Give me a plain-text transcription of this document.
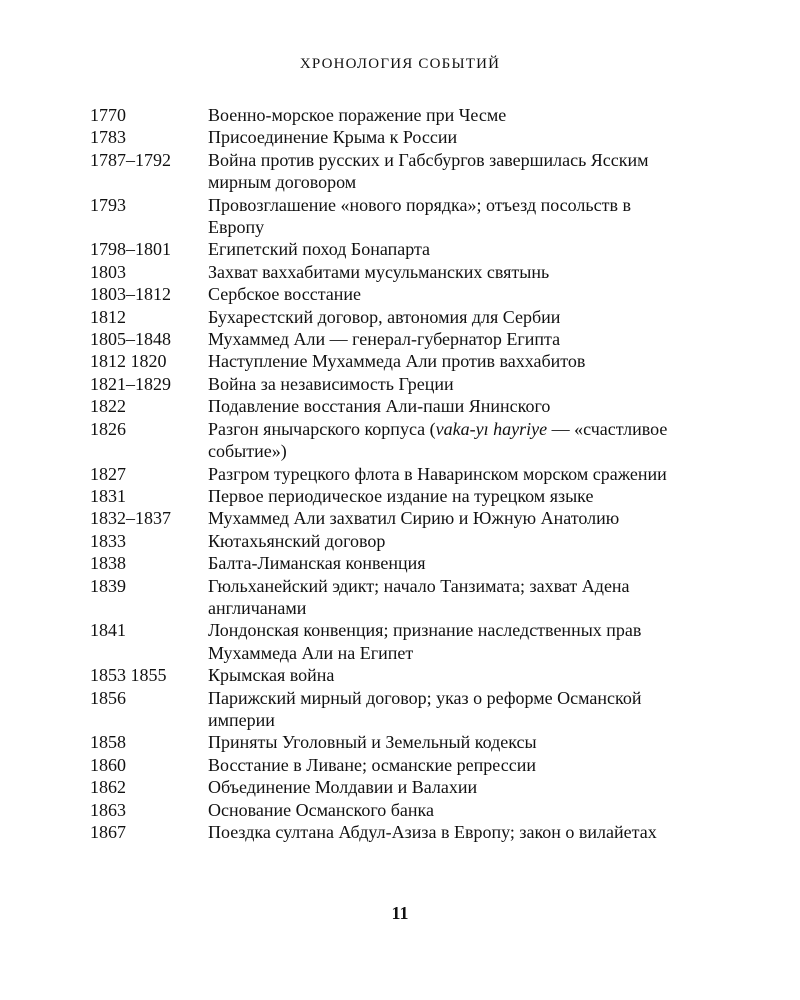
ХРОНОЛОГИЯ СОБЫТИЙ
1770	Военно-морское поражение при Чесме
1783	Присоединение Крыма к России
1787–1792	Война против русских и Габсбургов завершилась Ясским мирным договором
1793	Провозглашение «нового порядка»; отъезд посольств в Европу
1798–1801	Египетский поход Бонапарта
1803	Захват ваххабитами мусульманских святынь
1803–1812	Сербское восстание
1812	Бухарестский договор, автономия для Сербии
1805–1848	Мухаммед Али — генерал-губернатор Египта
1812 1820	Наступление Мухаммеда Али против ваххабитов
1821–1829	Война за независимость Греции
1822	Подавление восстания Али-паши Янинского
1826	Разгон янычарского корпуса (vaka-yı hayriye — «счастливое событие»)
1827	Разгром турецкого флота в Наваринском морском сражении
1831	Первое периодическое издание на турецком языке
1832–1837	Мухаммед Али захватил Сирию и Южную Анатолию
1833	Кютахьянский договор
1838	Балта-Лиманская конвенция
1839	Гюльханейский эдикт; начало Танзимата; захват Адена англичанами
1841	Лондонская конвенция; признание наследственных прав Мухаммеда Али на Египет
1853 1855	Крымская война
1856	Парижский мирный договор; указ о реформе Османской империи
1858	Приняты Уголовный и Земельный кодексы
1860	Восстание в Ливане; османские репрессии
1862	Объединение Молдавии и Валахии
1863	Основание Османского банка
1867	Поездка султана Абдул-Азиза в Европу; закон о вилайетах
11
